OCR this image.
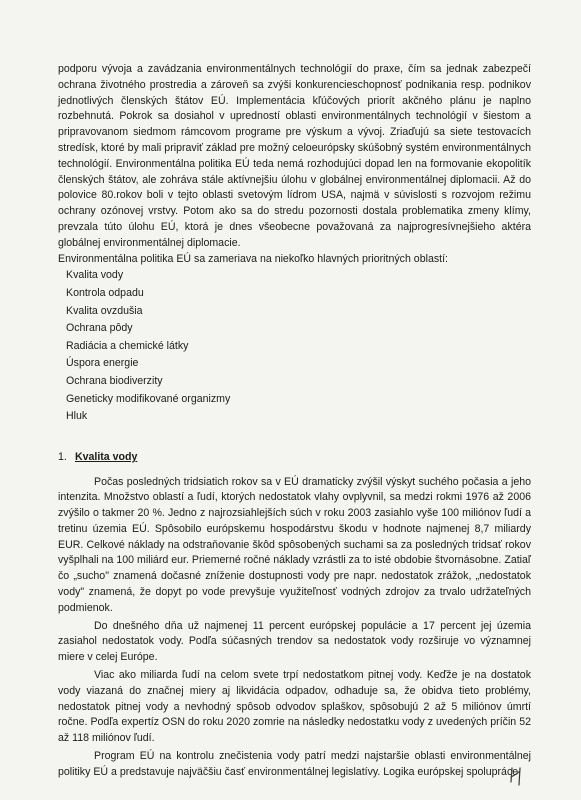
podporu vývoja a zavádzania environmentálnych technológií do praxe, čím sa jednak zabezpečí ochrana životného prostredia a zároveň sa zvýši konkurencieschopnosť podnikania resp. podnikov jednotlivých členských štátov EÚ. Implementácia kľúčových priorít akčného plánu je naplno rozbehnutá. Pokrok sa dosiahol v upredností oblasti environmentálnych technológií v šiestom a pripravovanom siedmom rámcovom programe pre výskum a vývoj. Zriaďujú sa siete testovacích stredísk, ktoré by mali pripraviť základ pre možný celoeurópsky skúšobný systém environmentálnych technológií. Environmentálna politika EÚ teda nemá rozhodujúci dopad len na formovanie ekopolitík členských štátov, ale zohráva stále aktívnejšiu úlohu v globálnej environmentálnej diplomacii. Až do polovice 80.rokov boli v tejto oblasti svetovým lídrom USA, najmä v súvislosti s rozvojom režimu ochrany ozónovej vrstvy. Potom ako sa do stredu pozornosti dostala problematika zmeny klímy, prevzala túto úlohu EÚ, ktorá je dnes všeobecne považovaná za najprogresívnejšieho aktéra globálnej environmentálnej diplomacie.

Environmentálna politika EÚ sa zameriava na niekoľko hlavných prioritných oblastí:

Kvalita vody
Kontrola odpadu
Kvalita ovzdušia
Ochrana pôdy
Radiácia a chemické látky
Úspora energie
Ochrana biodiverzity
Geneticky modifikované organizmy
Hluk
1. Kvalita vody

Počas posledných tridsiatich rokov sa v EÚ dramaticky zvýšil výskyt suchého počasia a jeho intenzita. Množstvo oblastí a ľudí, ktorých nedostatok vlahy ovplyvnil, sa medzi rokmi 1976 až 2006 zvýšilo o takmer 20 %. Jedno z najrozsiahlejších súch v roku 2003 zasiahlo vyše 100 miliónov ľudí a tretinu územia EÚ. Spôsobilo európskemu hospodárstvu škodu v hodnote najmenej 8,7 miliardy EUR. Celkové náklady na odstraňovanie škôd spôsobených suchami sa za posledných tridsať rokov vyšplhali na 100 miliárd eur. Priemerné ročné náklady vzrástli za to isté obdobie štvornásobne. Zatiaľ čo „sucho" znamená dočasné zníženie dostupnosti vody pre napr. nedostatok zrážok, „nedostatok vody" znamená, že dopyt po vode prevyšuje využiteľnosť vodných zdrojov za trvalo udržateľných podmienok.

Do dnešného dňa už najmenej 11 percent európskej populácie a 17 percent jej územia zasiahol nedostatok vody. Podľa súčasných trendov sa nedostatok vody rozširuje vo významnej miere v celej Európe.

Viac ako miliarda ľudí na celom svete trpí nedostatkom pitnej vody. Keďže je na dostatok vody viazaná do značnej miery aj likvidácia odpadov, odhaduje sa, že obidva tieto problémy, nedostatok pitnej vody a nevhodný spôsob odvodov splaškov, spôsobujú 2 až 5 miliónov úmrtí ročne. Podľa expertíz OSN do roku 2020 zomrie na následky nedostatku vody z uvedených príčin 52 až 118 miliónov ľudí.

Program EÚ na kontrolu znečistenia vody patrí medzi najstaršie oblasti environmentálnej politiky EÚ a predstavuje najväčšiu časť environmentálnej legislatívy. Logika európskej spolupráce
